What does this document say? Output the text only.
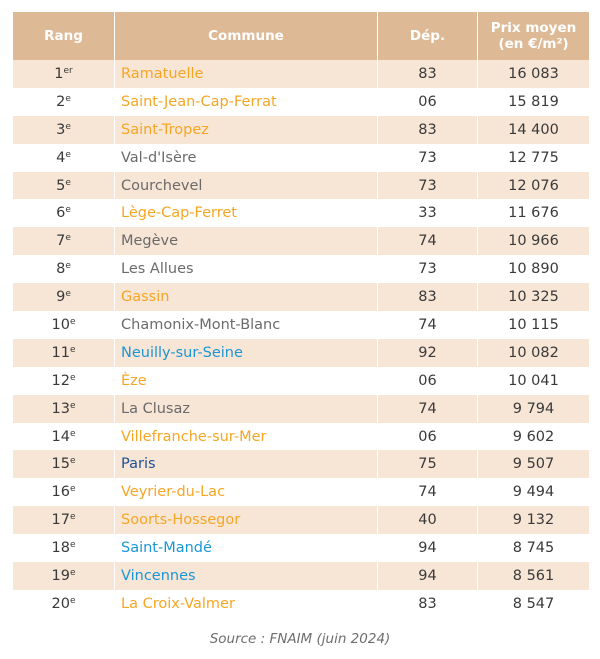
Rang	Commune	Dép.	Prix moyen
(en €/m²)
1er	Ramatuelle	83	16 083
2e	Saint-Jean-Cap-Ferrat	06	15 819
3e	Saint-Tropez	83	14 400
4e	Val-d'Isère	73	12 775
5e	Courchevel	73	12 076
6e	Lège-Cap-Ferret	33	11 676
7e	Megève	74	10 966
8e	Les Allues	73	10 890
9e	Gassin	83	10 325
10e	Chamonix-Mont-Blanc	74	10 115
11e	Neuilly-sur-Seine	92	10 082
12e	Èze	06	10 041
13e	La Clusaz	74	9 794
14e	Villefranche-sur-Mer	06	9 602
15e	Paris	75	9 507
16e	Veyrier-du-Lac	74	9 494
17e	Soorts-Hossegor	40	9 132
18e	Saint-Mandé	94	8 745
19e	Vincennes	94	8 561
20e	La Croix-Valmer	83	8 547
Source : FNAIM (juin 2024)
